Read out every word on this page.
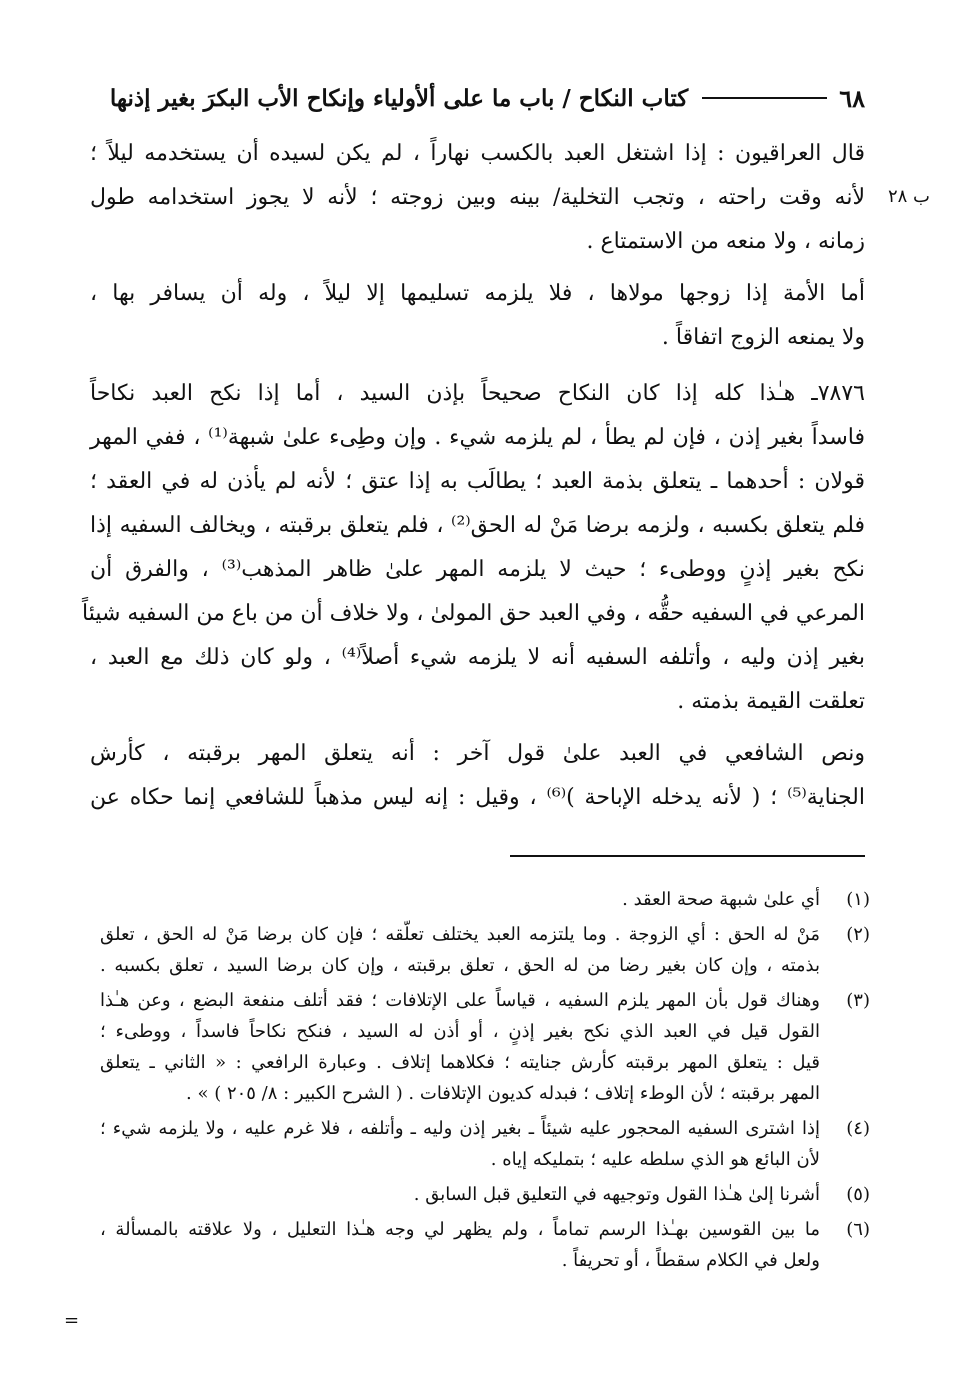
٦٨
كتاب النكاح / باب ما على ألأولياء وإنكاح الأب البكرَ بغير إذنها
ب ٢٨
قال العراقيون : إذا اشتغل العبد بالكسب نهاراً ، لم يكن لسيده أن يستخدمه ليلاً ؛
لأنه وقت راحته ، وتجب التخلية/ بينه وبين زوجته ؛ لأنه لا يجوز استخدامه طول
زمانه ، ولا منعه من الاستمتاع .
أما الأمة إذا زوجها مولاها ، فلا يلزمه تسليمها إلا ليلاً ، وله أن يسافر بها ،
ولا يمنعه الزوج اتفاقاً .
٧٨٧٦ـ هـٰذا كله إذا كان النكاح صحيحاً بإذن السيد ، أما إذا نكح العبد نكاحاً
فاسداً بغير إذن ، فإن لم يطأ ، لم يلزمه شيء . وإن وطِىء علىٰ شبهة⁽¹⁾ ، ففي المهر
قولان : أحدهما ـ يتعلق بذمة العبد ؛ يطالَب به إذا عتق ؛ لأنه لم يأذن له في العقد ؛
فلم يتعلق بكسبه ، ولزمه برضا مَنْ له الحق⁽²⁾ ، فلم يتعلق برقبته ، ويخالف السفيه إذا
نكح بغير إذنٍ ووطىء ؛ حيث لا يلزمه المهر علىٰ ظاهر المذهب⁽³⁾ ، والفرق أن
المرعي في السفيه حقُّه ، وفي العبد حق المولىٰ ، ولا خلاف أن من باع من السفيه شيئاً
بغير إذن وليه ، وأتلفه السفيه أنه لا يلزمه شيء أصلاً⁽⁴⁾ ، ولو كان ذلك مع العبد ،
تعلقت القيمة بذمته .
ونص الشافعي في العبد علىٰ قول آخر : أنه يتعلق المهر برقبته ، كأرش
الجناية⁽⁵⁾ ؛ ( لأنه يدخله الإباحة )⁽⁶⁾ ، وقيل : إنه ليس مذهباً للشافعي إنما حكاه عن
(١)
أي علىٰ شبهة صحة العقد .
(٢)
مَنْ له الحق : أي الزوجة . وما يلتزمه العبد يختلف تعلّقه ؛ فإن كان برضا مَنْ له الحق ، تعلق
بذمته ، وإن كان بغير رضا من له الحق ، تعلق برقبته ، وإن كان برضا السيد ، تعلق بكسبه .
(٣)
وهناك قول بأن المهر يلزم السفيه ، قياساً على الإتلافات ؛ فقد أتلف منفعة البضع ، وعن هـٰذا
القول قيل في العبد الذي نكح بغير إذنٍ ، أو أذن له السيد ، فنكح نكاحاً فاسداً ، ووطىء ؛
قيل : يتعلق المهر برقبته كأرش جنايته ؛ فكلاهما إتلاف . وعبارة الرافعي : « الثاني ـ يتعلق
المهر برقبته ؛ لأن الوطء إتلاف ؛ فبدله كديون الإتلافات . ( الشرح الكبير : ٨/ ٢٠٥ ) » .
(٤)
إذا اشترى السفيه المحجور عليه شيئاً ـ بغير إذن وليه ـ وأتلفه ، فلا غرم عليه ، ولا يلزمه شيء ؛
لأن البائع هو الذي سلطه عليه ؛ بتمليكه إياه .
(٥)
أشرنا إلىٰ هـٰذا القول وتوجيهه في التعليق قبل السابق .
(٦)
ما بين القوسين بهـٰذا الرسم تماماً ، ولم يظهر لي وجه هـٰذا التعليل ، ولا علاقته بالمسألة ،
ولعل في الكلام سقطاً ، أو تحريفاً .
=
